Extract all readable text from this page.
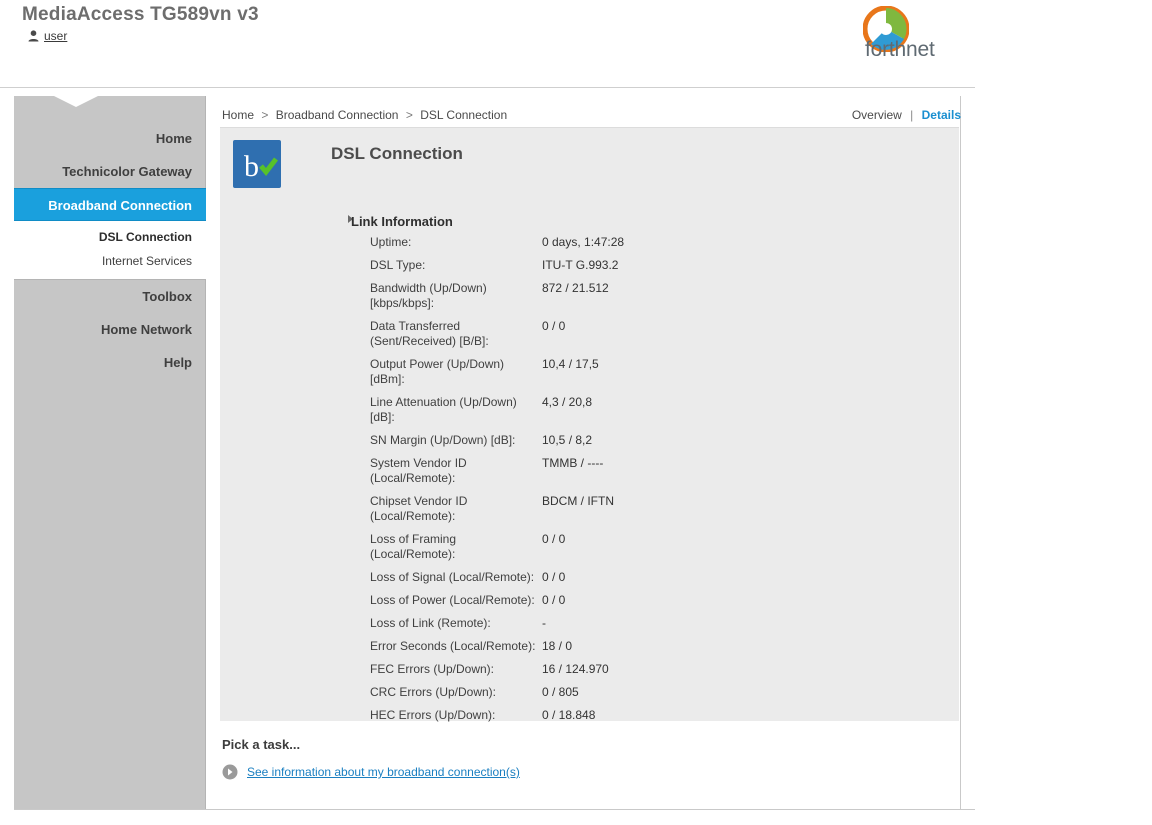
MediaAccess TG589vn v3
user
forthnet
Home
Technicolor Gateway
Broadband Connection
DSL Connection
Internet Services
Toolbox
Home Network
Help
Home > Broadband Connection > DSL Connection	Overview | Details
b	DSL Connection
Link Information
Uptime:	0 days, 1:47:28
DSL Type:	ITU-T G.993.2
Bandwidth (Up/Down) [kbps/kbps]:
872 / 21.512
Data Transferred (Sent/Received) [B/B]:
0 / 0
Output Power (Up/Down) [dBm]:
10,4 / 17,5
Line Attenuation (Up/Down) [dB]:
4,3 / 20,8
SN Margin (Up/Down) [dB]:	10,5 / 8,2
System Vendor ID (Local/Remote):
TMMB / ----
Chipset Vendor ID (Local/Remote):
BDCM / IFTN
Loss of Framing (Local/Remote):
0 / 0
Loss of Signal (Local/Remote): 0 / 0
Loss of Power (Local/Remote): 0 / 0
Loss of Link (Remote):	-
Error Seconds (Local/Remote): 18 / 0
FEC Errors (Up/Down):	16 / 124.970
CRC Errors (Up/Down):	0 / 805
HEC Errors (Up/Down):	0 / 18.848
Pick a task...
See information about my broadband connection(s)
